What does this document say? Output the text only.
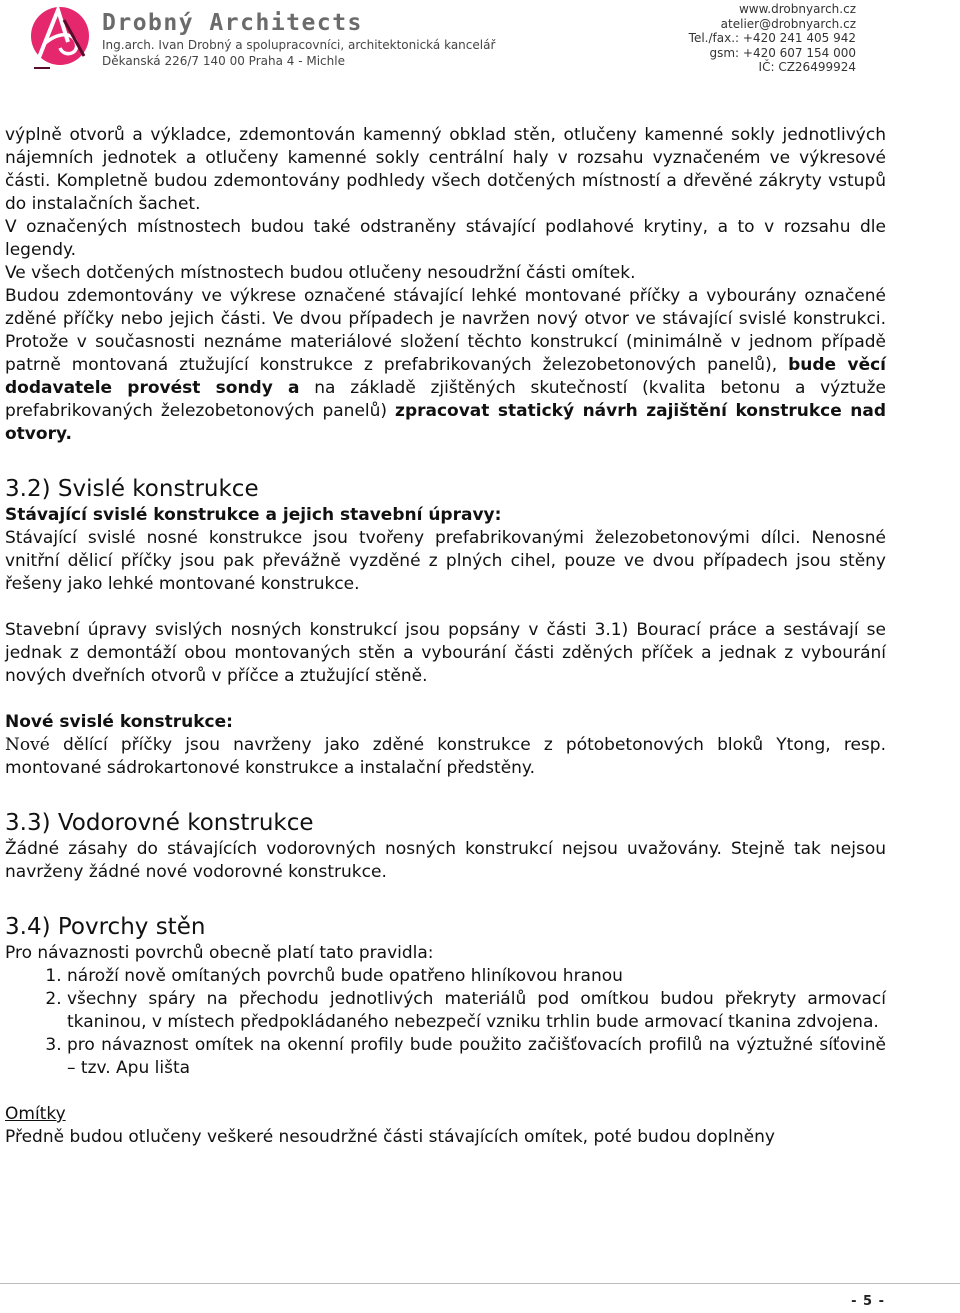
Drobný Architects
Ing.arch. Ivan Drobný a spolupracovníci, architektonická kancelář
Děkanská 226/7 140 00 Praha 4 - Michle
www.drobnyarch.cz
atelier@drobnyarch.cz
Tel./fax.: +420 241 405 942
gsm: +420 607 154 000
IČ: CZ26499924

výplně otvorů a výkladce, zdemontován kamenný obklad stěn, otlučeny kamenné sokly jednotlivých nájemních jednotek a otlučeny kamenné sokly centrální haly v rozsahu vyznačeném ve výkresové části. Kompletně budou zdemontovány podhledy všech dotčených místností a dřevěné zákryty vstupů do instalačních šachet.

V označených místnostech budou také odstraněny stávající podlahové krytiny, a to v rozsahu dle legendy.

Ve všech dotčených místnostech budou otlučeny nesoudržní části omítek.

Budou zdemontovány ve výkrese označené stávající lehké montované příčky a vybourány označené zděné příčky nebo jejich části. Ve dvou případech je navržen nový otvor ve stávající svislé konstrukci. Protože v současnosti neznáme materiálové složení těchto konstrukcí (minimálně v jednom případě patrně montovaná ztužující konstrukce z prefabrikovaných železobetonových panelů), bude věcí dodavatele provést sondy a na základě zjištěných skutečností (kvalita betonu a výztuže prefabrikovaných železobetonových panelů) zpracovat statický návrh zajištění konstrukce nad otvory.

3.2) Svislé konstrukce

Stávající svislé konstrukce a jejich stavební úpravy:

Stávající svislé nosné konstrukce jsou tvořeny prefabrikovanými železobetonovými dílci. Nenosné vnitřní dělicí příčky jsou pak převážně vyzděné z plných cihel, pouze ve dvou případech jsou stěny řešeny jako lehké montované konstrukce.

Stavební úpravy svislých nosných konstrukcí jsou popsány v části 3.1) Bourací práce a sestávají se jednak z demontáží obou montovaných stěn a vybourání části zděných příček a jednak z vybourání nových dveřních otvorů v příčce a ztužující stěně.

Nové svislé konstrukce:

Nové dělící příčky jsou navrženy jako zděné konstrukce z pótobetonových bloků Ytong, resp. montované sádrokartonové konstrukce a instalační předstěny.

3.3) Vodorovné konstrukce

Žádné zásahy do stávajících vodorovných nosných konstrukcí nejsou uvažovány. Stejně tak nejsou navrženy žádné nové vodorovné konstrukce.

3.4) Povrchy stěn

Pro návaznosti povrchů obecně platí tato pravidla:

1. nároží nově omítaných povrchů bude opatřeno hliníkovou hranou
2. všechny spáry na přechodu jednotlivých materiálů pod omítkou budou překryty armovací tkaninou, v místech předpokládaného nebezpečí vzniku trhlin bude armovací tkanina zdvojena.
3. pro návaznost omítek na okenní profily bude použito začišťovacích profilů na výztužné síťovině – tzv. Apu lišta

Omítky

Předně budou otlučeny veškeré nesoudržné části stávajících omítek, poté budou doplněny

- 5 -
